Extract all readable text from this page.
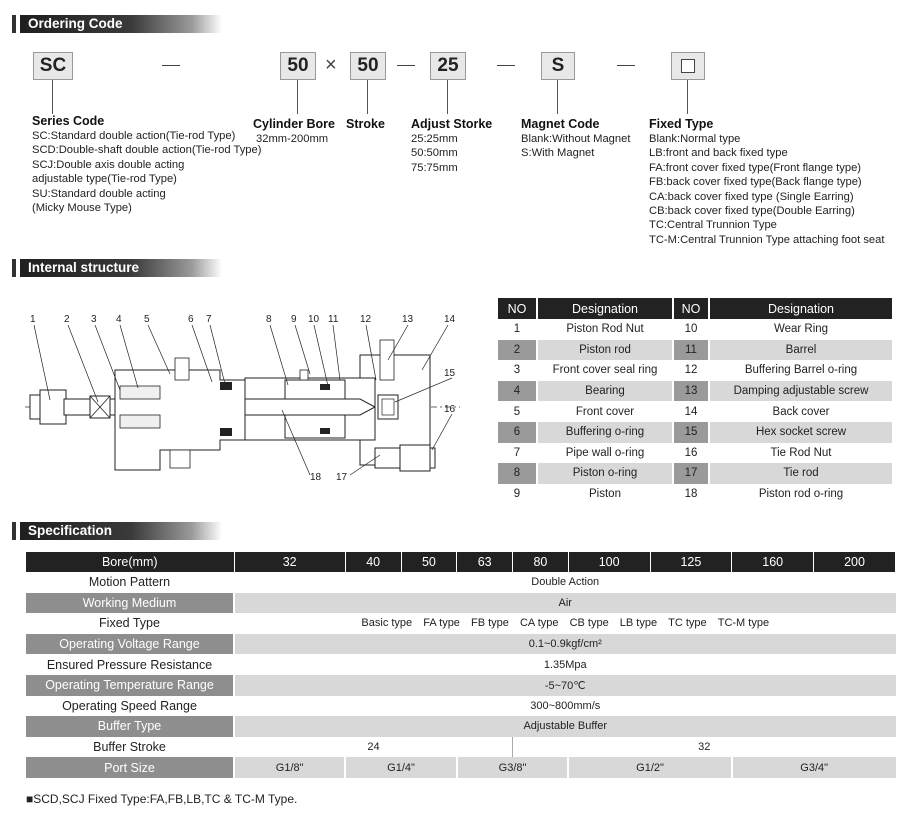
Ordering Code
SC	50 ×	50	25	S
Series Code
SC:Standard double action(Tie-rod Type)
SCD:Double-shaft double action(Tie-rod Type)
SCJ:Double axis double acting
adjustable type(Tie-rod Type)
SU:Standard double acting
(Micky Mouse Type)
Cylinder Bore
32mm-200mm
Stroke Adjust Storke
25:25mm
50:50mm
75:75mm
Magnet Code
Blank:Without Magnet
S:With Magnet
Fixed Type
Blank:Normal type
LB:front and back fixed type
FA:front cover fixed type(Front flange type)
FB:back cover fixed type(Back flange type)
CA:back cover fixed type (Single Earring)
CB:back cover fixed type(Double Earring)
TC:Central Trunnion Type
TC-M:Central Trunnion Type attaching foot seat
Internal structure
1	2 3 4 5	6 7	8 9 10 11 12	13	14
15
16
17
18
NO		Designation		NO		Designation
1		Piston Rod Nut		10		Wear Ring
2		Piston rod		11		Barrel
3		Front cover seal ring		12		Buffering Barrel o-ring
4		Bearing		13		Damping adjustable screw
5		Front cover		14		Back cover
6		Buffering o-ring		15		Hex socket screw
7		Pipe wall o-ring		16		Tie Rod Nut
8		Piston o-ring		17		Tie rod
9		Piston		18		Piston rod o-ring
Specification
Bore(mm)	32	40	50	63	80	100	125	160	200
Motion Pattern	Double Action								
Working Medium	Air								
Fixed Type	Basic type FA type FB type CA type CB type LB type TC type TC-M type								
Operating Voltage Range	0.1~0.9kgf/cm²								
Ensured Pressure Resistance	1.35Mpa								
Operating Temperature Range	-5~70℃								
Operating Speed Range	300~800mm/s								
Buffer Type	Adjustable Buffer								
Buffer Stroke	24				32				
Port Size	G1/8"	G1/4"		G3/8"		G1/2"		G3/4"	
■SCD,SCJ Fixed Type:FA,FB,LB,TC & TC-M Type.
